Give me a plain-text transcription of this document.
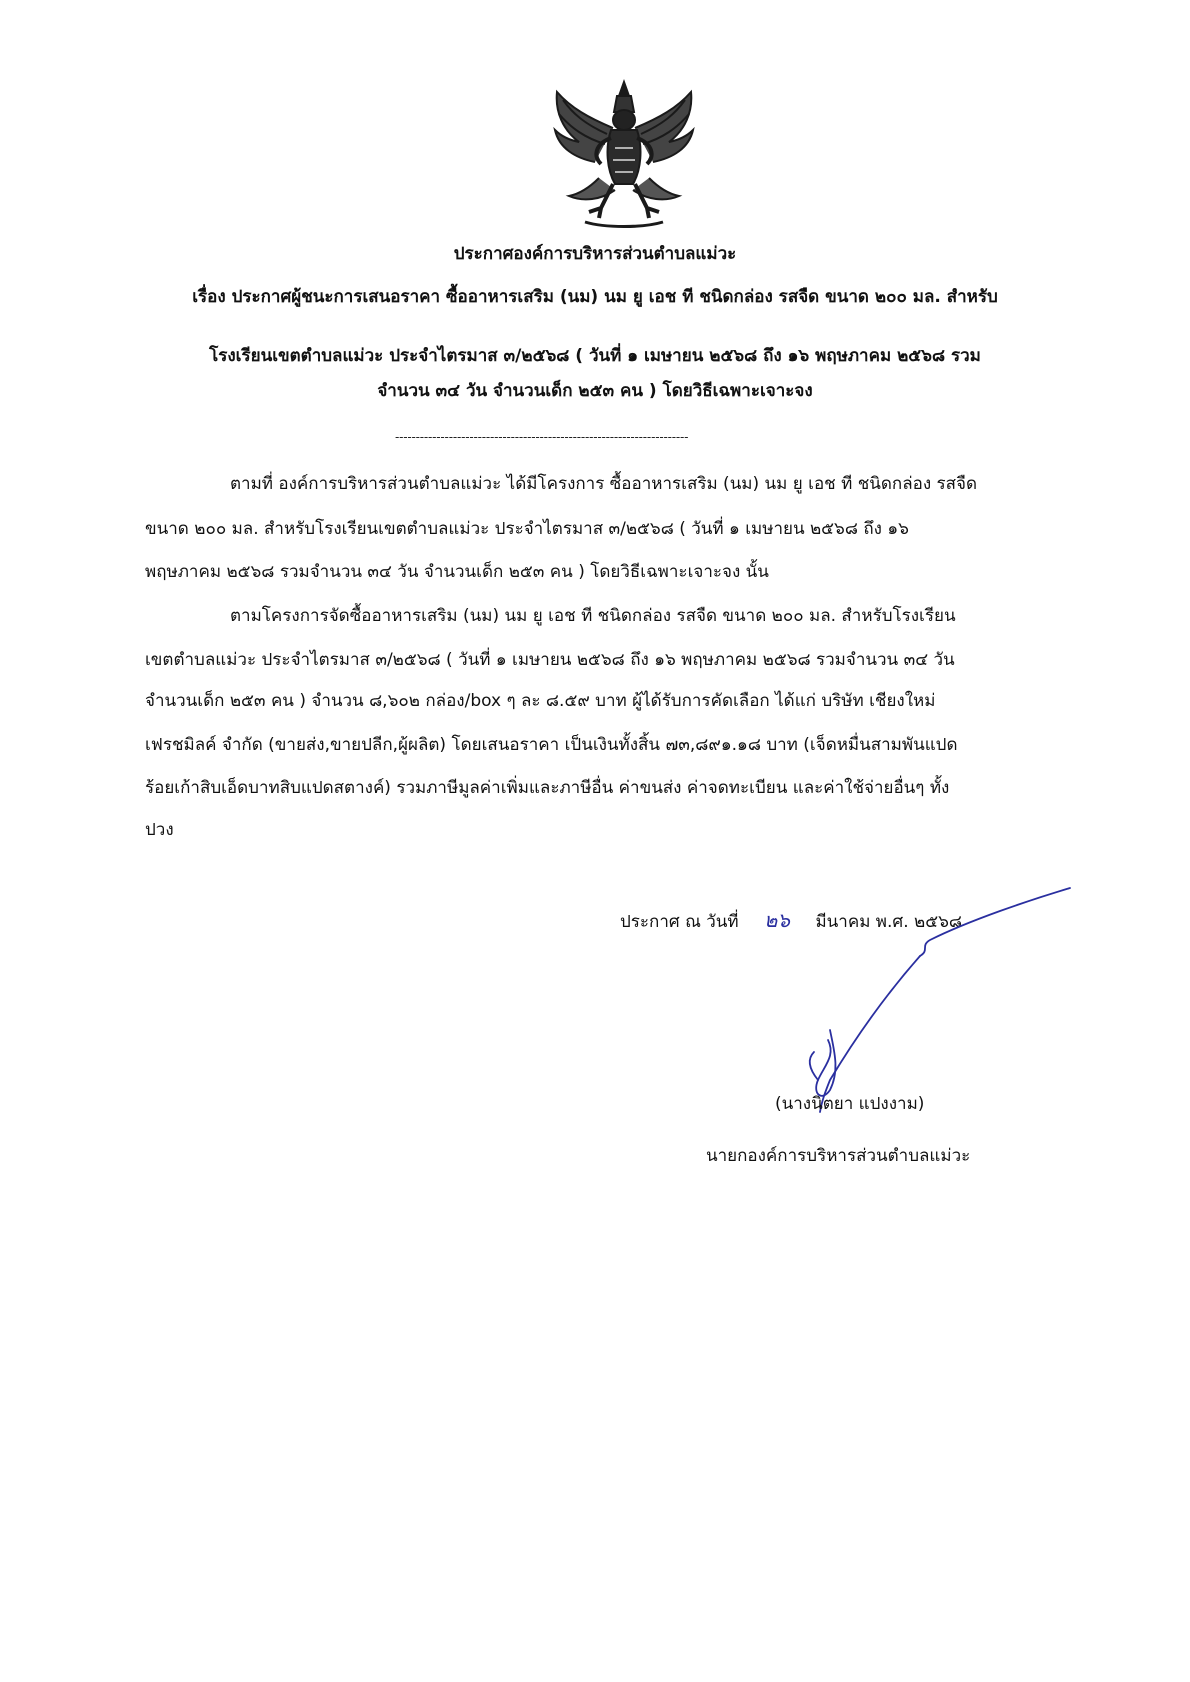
ประกาศองค์การบริหารส่วนตำบลแม่วะ
เรื่อง ประกาศผู้ชนะการเสนอราคา ซื้ออาหารเสริม (นม) นม ยู เอช ที ชนิดกล่อง รสจืด ขนาด ๒๐๐ มล. สำหรับ
โรงเรียนเขตตำบลแม่วะ ประจำไตรมาส ๓/๒๕๖๘ ( วันที่ ๑ เมษายน ๒๕๖๘ ถึง ๑๖ พฤษภาคม ๒๕๖๘ รวม
จำนวน ๓๔ วัน จำนวนเด็ก ๒๕๓ คน ) โดยวิธีเฉพาะเจาะจง
-----------------------------------------------------------------------
ตามที่ องค์การบริหารส่วนตำบลแม่วะ ได้มีโครงการ ซื้ออาหารเสริม (นม) นม ยู เอช ที ชนิดกล่อง รสจืด
ขนาด ๒๐๐ มล. สำหรับโรงเรียนเขตตำบลแม่วะ ประจำไตรมาส ๓/๒๕๖๘ ( วันที่ ๑ เมษายน ๒๕๖๘ ถึง ๑๖
พฤษภาคม ๒๕๖๘ รวมจำนวน ๓๔ วัน จำนวนเด็ก ๒๕๓ คน ) โดยวิธีเฉพาะเจาะจง นั้น
ตามโครงการจัดซื้ออาหารเสริม (นม) นม ยู เอช ที ชนิดกล่อง รสจืด ขนาด ๒๐๐ มล. สำหรับโรงเรียน
เขตตำบลแม่วะ ประจำไตรมาส ๓/๒๕๖๘ ( วันที่ ๑ เมษายน ๒๕๖๘ ถึง ๑๖ พฤษภาคม ๒๕๖๘ รวมจำนวน ๓๔ วัน
จำนวนเด็ก ๒๕๓ คน ) จำนวน ๘,๖๐๒ กล่อง/box ๆ ละ ๘.๕๙ บาท ผู้ได้รับการคัดเลือก ได้แก่ บริษัท เชียงใหม่
เฟรชมิลค์ จำกัด (ขายส่ง,ขายปลีก,ผู้ผลิต) โดยเสนอราคา เป็นเงินทั้งสิ้น ๗๓,๘๙๑.๑๘ บาท (เจ็ดหมื่นสามพันแปด
ร้อยเก้าสิบเอ็ดบาทสิบแปดสตางค์) รวมภาษีมูลค่าเพิ่มและภาษีอื่น ค่าขนส่ง ค่าจดทะเบียน และค่าใช้จ่ายอื่นๆ ทั้ง
ปวง
ประกาศ ณ วันที่ ๒๖ มีนาคม พ.ศ. ๒๕๖๘
(นางนิตยา แปงงาม)
นายกองค์การบริหารส่วนตำบลแม่วะ
